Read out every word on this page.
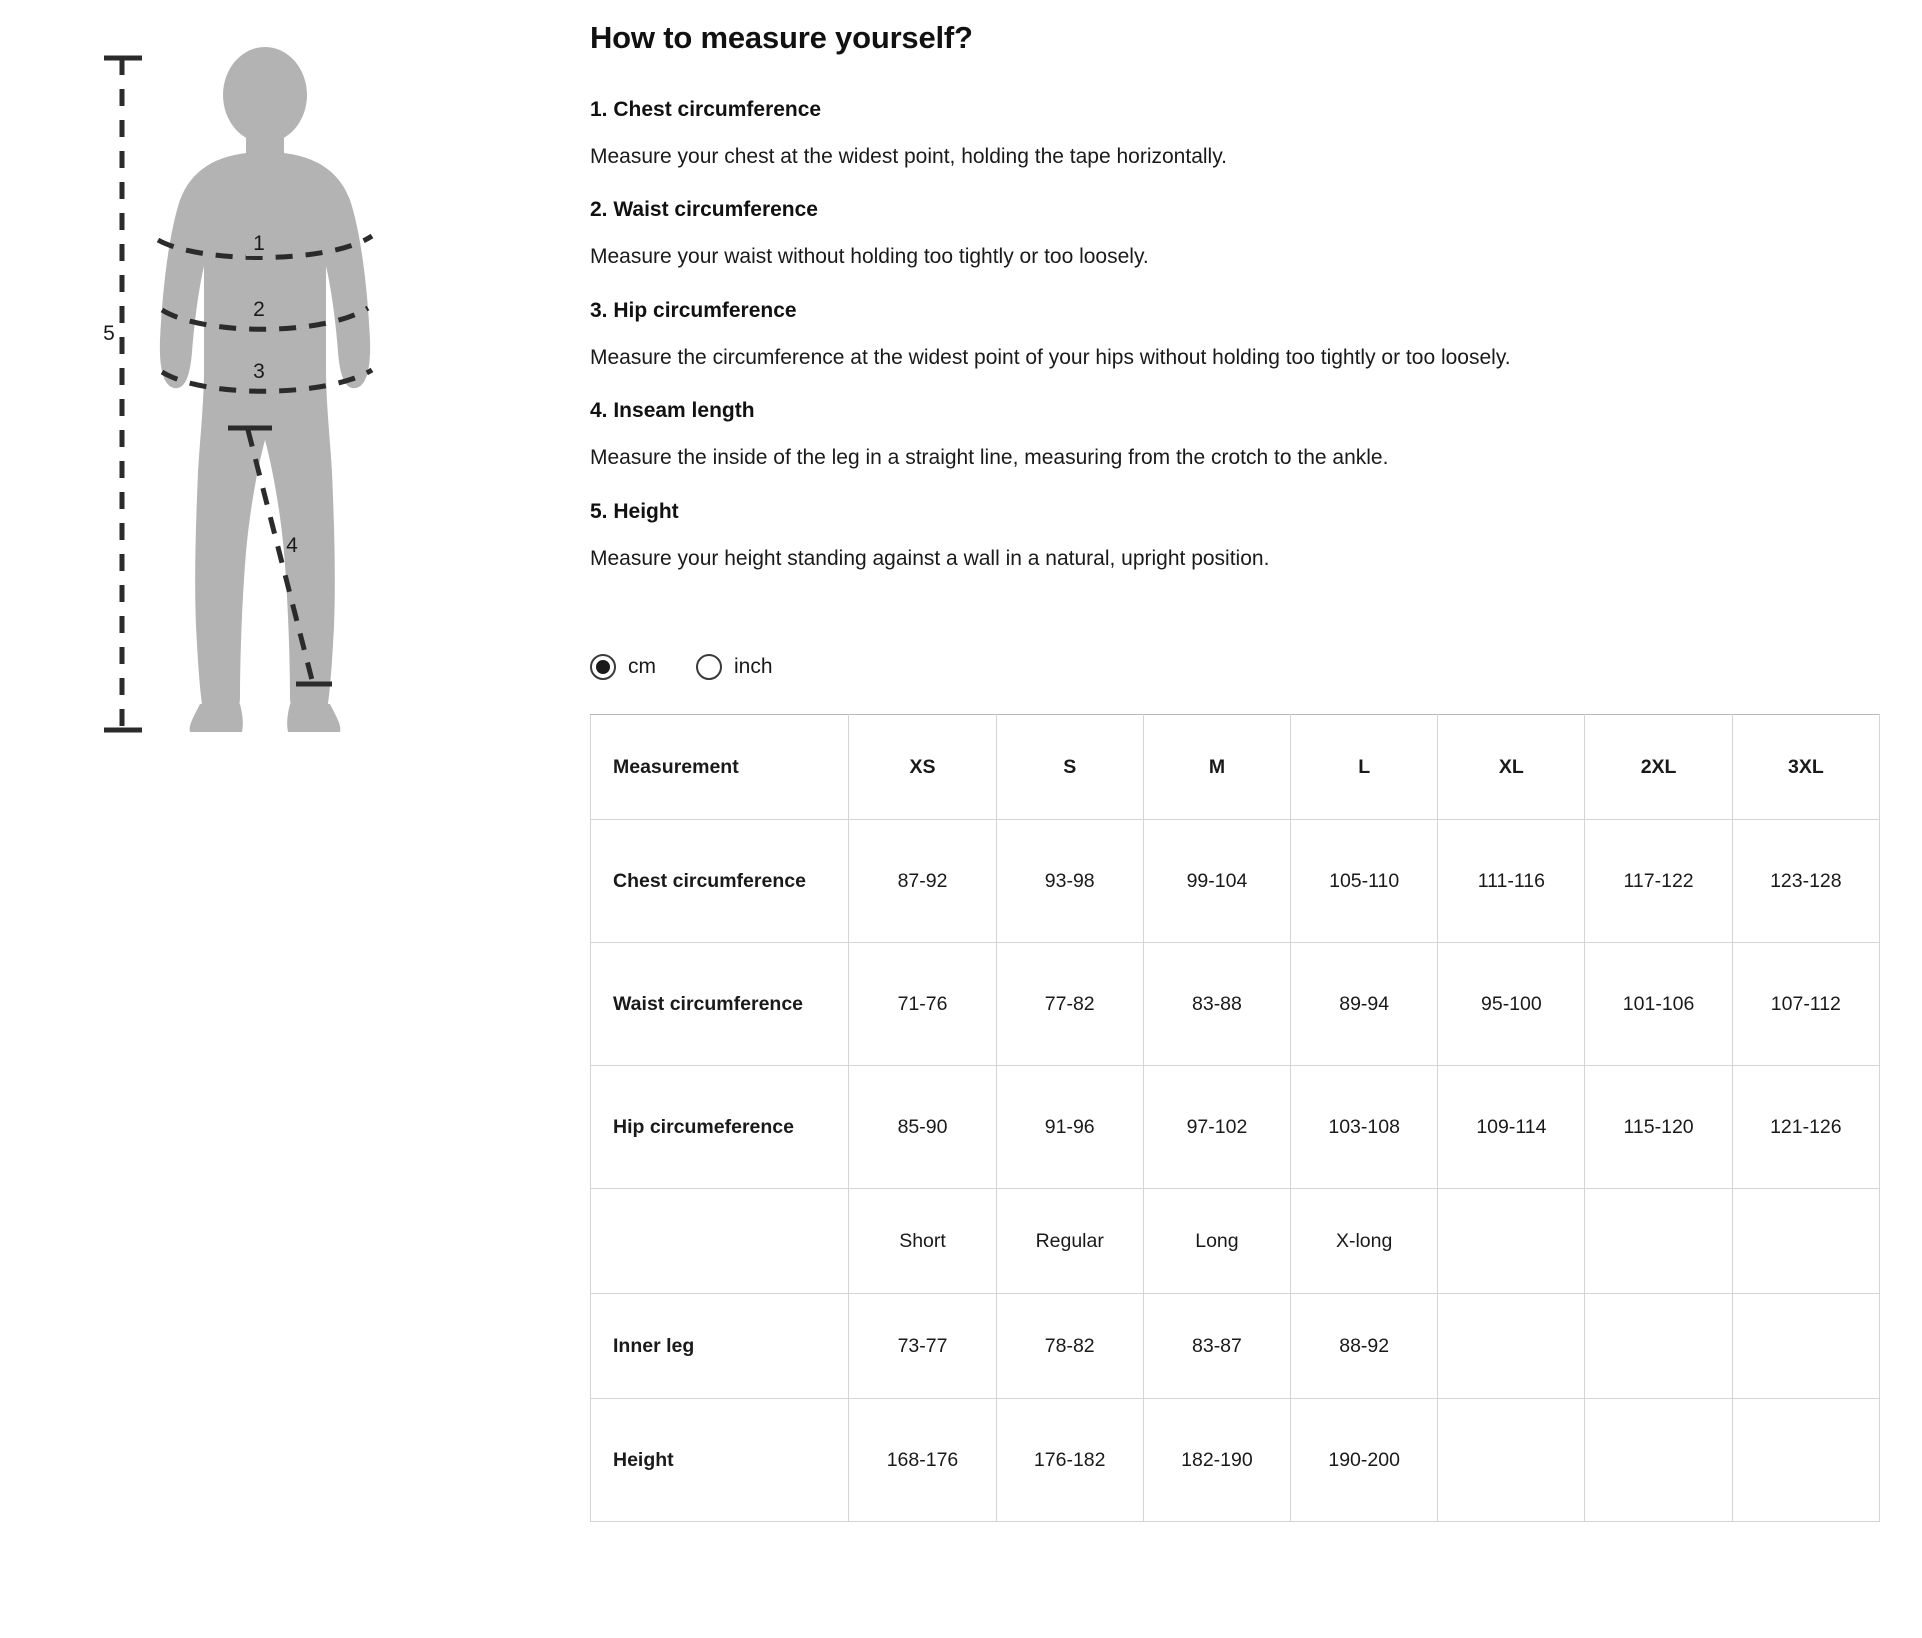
1
2
3
4
5
How to measure yourself?
1. Chest circumference

Measure your chest at the widest point, holding the tape horizontally.

2. Waist circumference

Measure your waist without holding too tightly or too loosely.

3. Hip circumference

Measure the circumference at the widest point of your hips without holding too tightly or too loosely.

4. Inseam length

Measure the inside of the leg in a straight line, measuring from the crotch to the ankle.

5. Height

Measure your height standing against a wall in a natural, upright position.

cm	inch
Measurement	XS	S	M	L	XL	2XL	3XL
Chest circumference	87-92	93-98	99-104	105-110	111-116	117-122	123-128
Waist circumference	71-76	77-82	83-88	89-94	95-100	101-106	107-112
Hip circumeference	85-90	91-96	97-102	103-108	109-114	115-120	121-126
	Short	Regular	Long	X-long			
Inner leg	73-77	78-82	83-87	88-92			
Height	168-176	176-182	182-190	190-200			
